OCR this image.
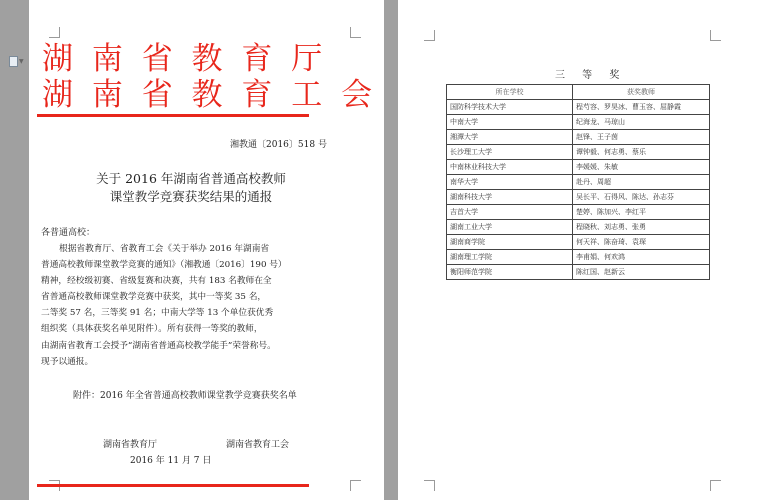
▼ 湖 南 省 教 育 厅
湖 南 省 教 育 工 会
湘教通〔2016〕518 号
关于 2016 年湖南省普通高校教师
课堂教学竞赛获奖结果的通报
各普通高校：
根据省教育厅、省教育工会《关于举办 2016 年湖南省
普通高校教师课堂教学竞赛的通知》（湘教通〔2016〕190 号）
精神，经校级初赛、省级复赛和决赛，共有 183 名教师在全
省普通高校教师课堂教学竞赛中获奖，其中一等奖 35 名，
二等奖 57 名，三等奖 91 名；中南大学等 13 个单位获优秀
组织奖（具体获奖名单见附件）。所有获得一等奖的教师，
由湖南省教育工会授予“湖南省普通高校教学能手”荣誉称号。
现予以通报。
附件：2016 年全省普通高校教师课堂教学竞赛获奖名单
湖南省教育厅	湖南省教育工会
2016 年 11 月 7 日
三 等 奖
所在学校	获奖教师
国防科学技术大学	程芍容、罗昊冰、曹玉容、屈静霞
中南大学	纪海龙、马琼山
湘潭大学	赵锋、王子茵
长沙理工大学	谭钟毅、何志勇、蔡乐
中南林业科技大学	李媛媛、朱敏
南华大学	赴丹、周超
湖南科技大学	吴长平、石得风、陈达、孙志芬
吉首大学	楚婷、陈加兴、李红平
湖南工业大学	程晓秋、刘志勇、张勇
湖南商学院	何天祥、陈奋琦、袁琛
湖南理工学院	李甫娟、何欢鸿
衡阳师范学院	陈红国、赵新云
